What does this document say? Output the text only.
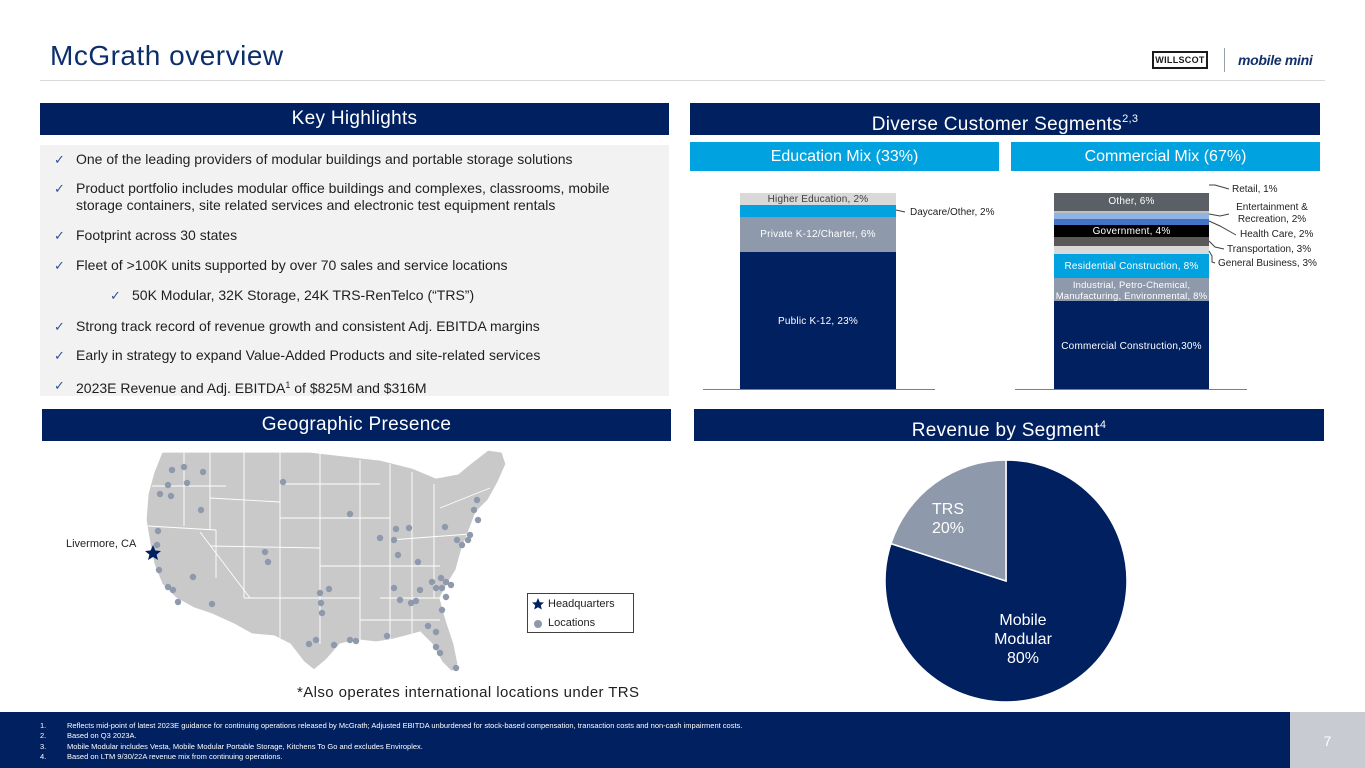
McGrath overview	WILLSCOT mobile mini
Key Highlights	Diverse Customer Segments$^{2,3}$
Education Mix (33%)	Commercial Mix (67%)
Geographic Presence	Revenue by Segment$^4$
✓ One of the leading providers of modular buildings and portable storage solutions
✓ Product portfolio includes modular office buildings and complexes, classrooms, mobile storage containers, site related services and electronic test equipment rentals
✓ Footprint across 30 states
✓ Fleet of >100K units supported by over 70 sales and service locations
✓ 50K Modular, 32K Storage, 24K TRS-RenTelco (“TRS”)
✓ Strong track record of revenue growth and consistent Adj. EBITDA margins
✓ Early in strategy to expand Value-Added Products and site-related services
✓ 2023E Revenue and Adj. EBITDA$^1$ of $825M and $316M
Public K-12, 23%
Private K-12/Charter, 6%
Higher Education, 2%
Daycare/Other, 2%
Commercial Construction,30%
Industrial, Petro-Chemical,
Manufacturing, Environmental, 8%
Residential Construction, 8%
Government, 4%
Other, 6%
Retail, 1%
Entertainment &
Recreation, 2%
Health Care, 2%
Transportation, 3%
General Business, 3%
Livermore, CA
Headquarters
Locations
*Also operates international locations under TRS
TRS
20%
Mobile
Modular
80%
1.	Reflects mid-point of latest 2023E guidance for continuing operations released by McGrath; Adjusted EBITDA unburdened for stock-based compensation, transaction costs and non-cash impairment costs.
2.	Based on Q3 2023A.
3.	Mobile Modular includes Vesta, Mobile Modular Portable Storage, Kitchens To Go and excludes Enviroplex.
4.	Based on LTM 9/30/22A revenue mix from continuing operations.
7
